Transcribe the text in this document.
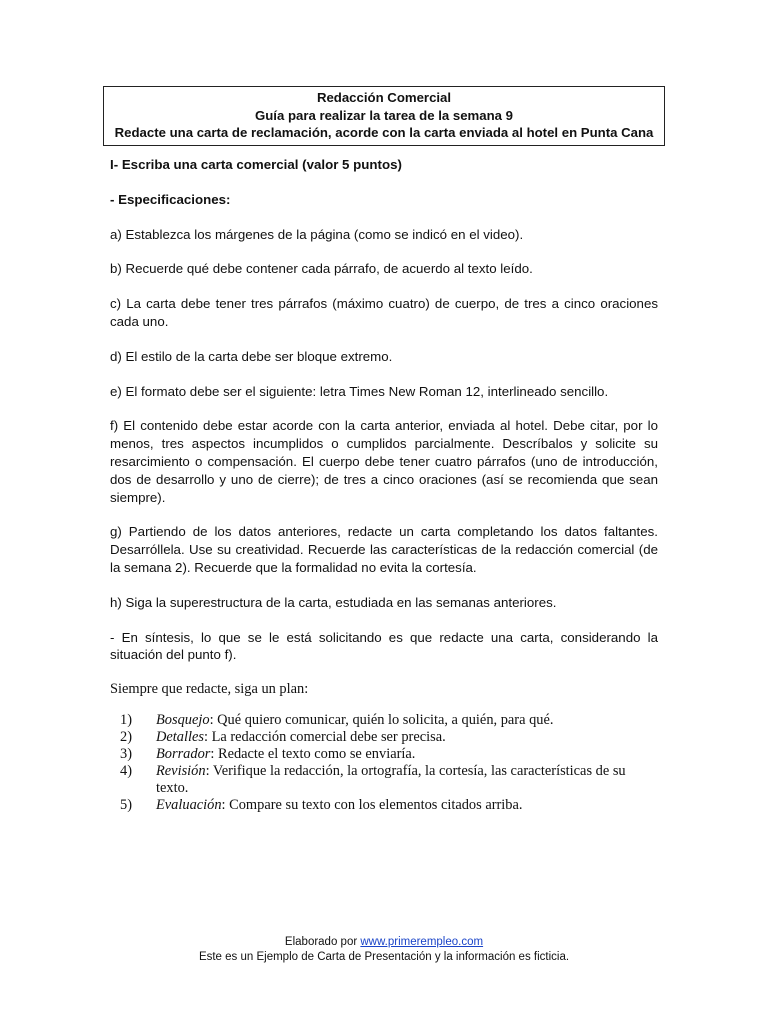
Redacción Comercial
Guía para realizar la tarea de la semana 9
Redacte una carta de reclamación, acorde con la carta enviada al hotel en Punta Cana

I- Escriba una carta comercial (valor 5 puntos)

- Especificaciones:

a) Establezca los márgenes de la página (como se indicó en el video).

b) Recuerde qué debe contener cada párrafo, de acuerdo al texto leído.

c) La carta debe tener tres párrafos (máximo cuatro) de cuerpo, de tres a cinco oraciones cada uno.

d) El estilo de la carta debe ser bloque extremo.

e) El formato debe ser el siguiente: letra Times New Roman 12, interlineado sencillo.

f) El contenido debe estar acorde con la carta anterior, enviada al hotel. Debe citar, por lo menos, tres aspectos incumplidos o cumplidos parcialmente. Descríbalos y solicite su resarcimiento o compensación. El cuerpo debe tener cuatro párrafos (uno de introducción, dos de desarrollo y uno de cierre); de tres a cinco oraciones (así se recomienda que sean siempre).

g) Partiendo de los datos anteriores, redacte un carta completando los datos faltantes. Desarróllela. Use su creatividad. Recuerde las características de la redacción comercial (de la semana 2). Recuerde que la formalidad no evita la cortesía.

h) Siga la superestructura de la carta, estudiada en las semanas anteriores.

- En síntesis, lo que se le está solicitando es que redacte una carta, considerando la situación del punto f).

Siempre que redacte, siga un plan:

1) Bosquejo: Qué quiero comunicar, quién lo solicita, a quién, para qué.
2) Detalles: La redacción comercial debe ser precisa.
3) Borrador: Redacte el texto como se enviaría.
4) Revisión: Verifique la redacción, la ortografía, la cortesía, las características de su texto.
5) Evaluación: Compare su texto con los elementos citados arriba.
Elaborado por www.primerempleo.com
Este es un Ejemplo de Carta de Presentación y la información es ficticia.
